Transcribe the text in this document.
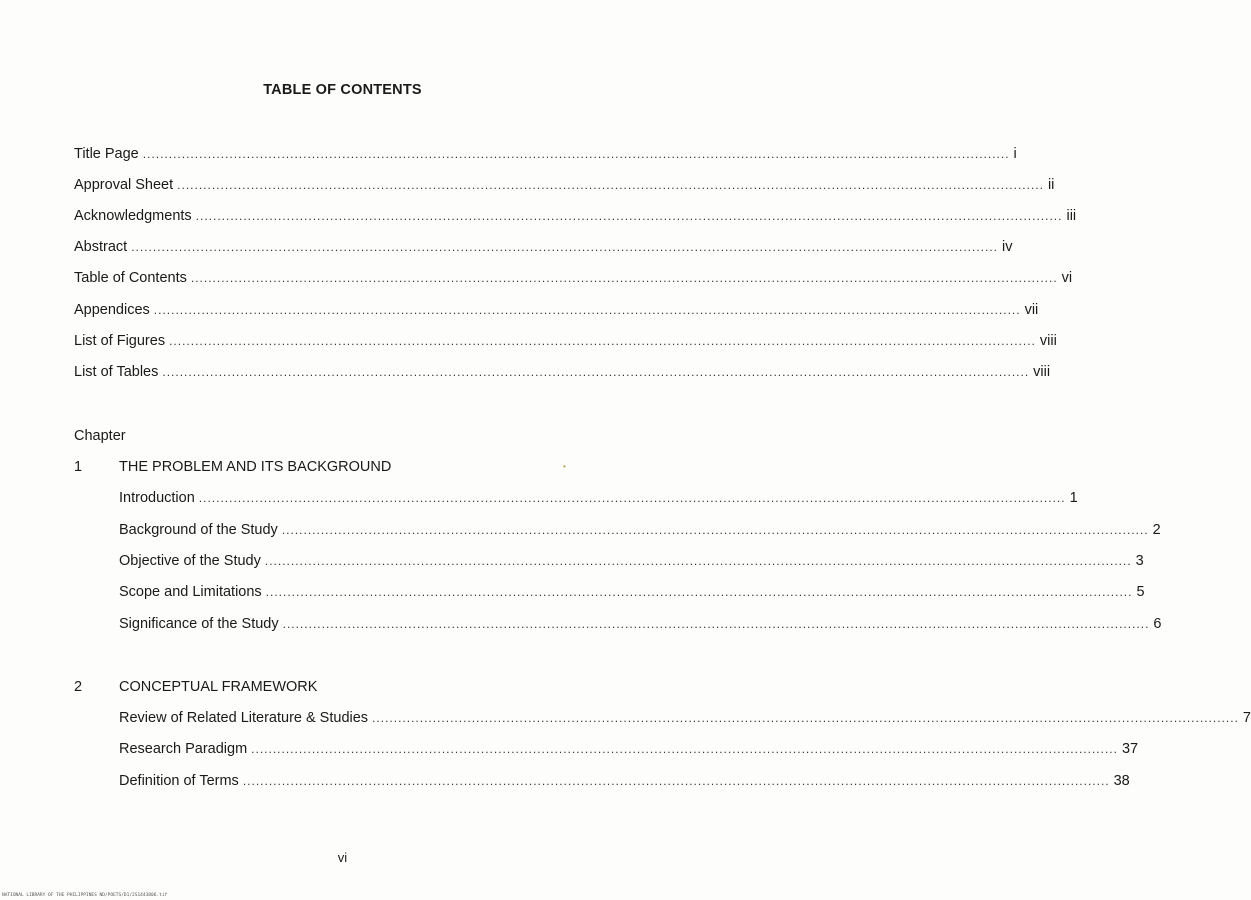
TABLE OF CONTENTS
Title Page ........................................................................................................................................................................................................ i
Approval Sheet ........................................................................................................................................................................................................ ii
Acknowledgments ........................................................................................................................................................................................................ iii
Abstract ........................................................................................................................................................................................................ iv
Table of Contents ........................................................................................................................................................................................................ vi
Appendices ........................................................................................................................................................................................................ vii
List of Figures ........................................................................................................................................................................................................ viii
List of Tables ........................................................................................................................................................................................................ viii
Chapter
1	THE PROBLEM AND ITS BACKGROUND	•
Introduction ........................................................................................................................................................................................................ 1
Background of the Study ........................................................................................................................................................................................................ 2
Objective of the Study ........................................................................................................................................................................................................ 3
Scope and Limitations ........................................................................................................................................................................................................ 5
Significance of the Study ........................................................................................................................................................................................................ 6
2	CONCEPTUAL FRAMEWORK
Review of Related Literature & Studies ........................................................................................................................................................................................................ 7
Research Paradigm ........................................................................................................................................................................................................ 37
Definition of Terms ........................................................................................................................................................................................................ 38
vi
NATIONAL LIBRARY OF THE PHILIPPINES ND/POETS/D1/2S1443806.tif
